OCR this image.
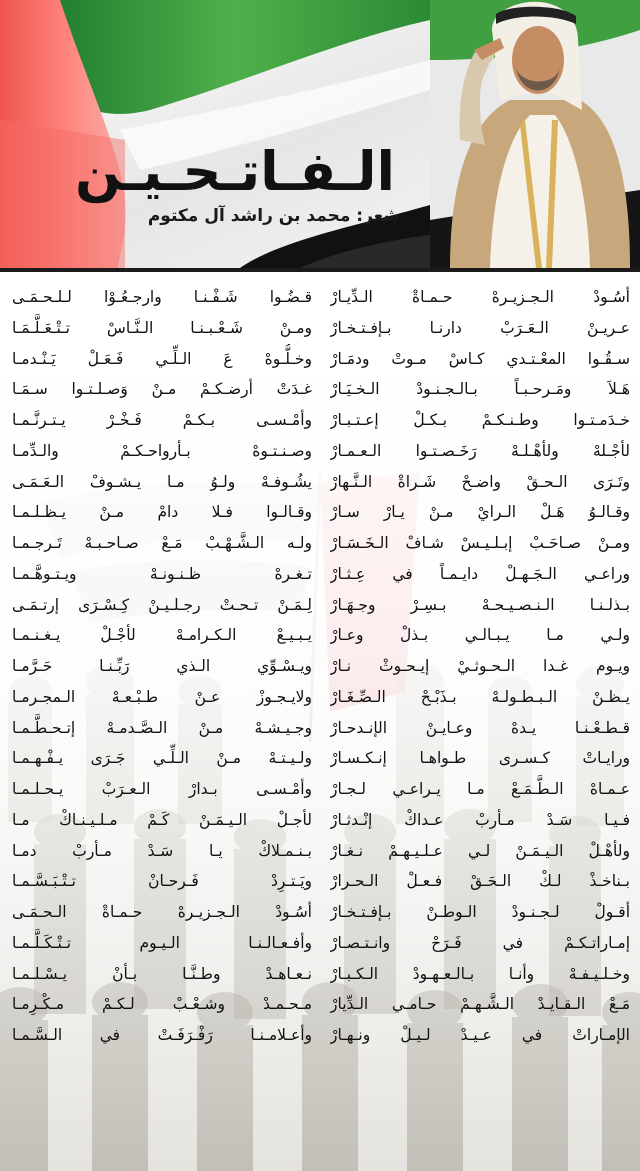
الـفـاتـحـيـن
شعر: محمد بن راشد آل مكتوم
أسُـودْ الـجـزيـرهْ حـمـاةْ الـدِّيـارْ
عـريـنْ الـعَـرَبْ دارنـا بـإفـتـخـارْ
سـقُـوا المعْـتـدي كـاسْ مـوتْ ودمَـارْ
هَـلاَ ومَـرحـبـاً بـالـجـنـودْ الـخـيَـارْ
خـدَمـتـوا وطـنـكـمْ بـكـلْ إعـتـبـارْ
لأجْـلهْ ولأهْـلـهْ رَخَـصـتـوا الـعـمـارْ
وتَـرَى الـحـقْ واضـحْ شَـراةْ الـنَّـهارْ
وقـالـوُ هَـلْ الـرايْ مـنْ يـارْ سـارْ
ومـنْ صـاحَـبْ إبـلـيـسْ شـافْ الـخَـسَـارْ
وراعـي الـجَـهـلْ دايـمـاً في عِـثـارْ
بـذلـنـا الـنـصـيـحـهْ بـسِـرْ وجـهَـارْ
ولـي مـا يـبـالـي بـذلْ وعـارْ
ويـوم غـدا الـحـوثـيْ إيـحـوثْ نـارْ
يـظـنْ الـبـطـولـهْ بـذَبْـحْ الـصِّـغَـارْ
قـطـعْـنـا يـدهْ وعـايـنْ الإنـدحـارْ
ورايـاتْ كـسـرى طـواهـا إنـكـسـارْ
عـمـاهْ الـطَّـمَـعْ مـا يـراعـي لـجـارْ
فـيـا سَـدْ مـأربْ عـداكْ إنْـدثـارْ
ولأهْـلْ الـيـمَـنْ لـي عـلـيـهـمْ نـغـارْ
بـناخـذْ لـكْ الـحَـقْ فـعـلْ الـحـرارْ
أقـولْ لـجـنـودْ الـوطـنْ بـإفـتـخـارْ
إمـاراتـكـمْ في فَـرَحْ وانـتـصـارْ
وخـلـيـفـهْ وأنـا بـالـعـهـودْ الـكـبـارْ
مَـعْ الـقـايـدْ الـشَّـهـمْ حـامـي الـدِّيارْ
الإمـاراتْ في عـيـدْ لـيـلْ ونـهـارْ
قـضُـوا شَـفْـنـا وارجـعُـوْا لـلـحـمَـى
ومـنْ شَـعْـبـنـا الـنَّـاسْ تـتْـعَـلَّـمَـا
وخـلُّـوهْ عَ الـلِّـي فَـعَـلْ يَـنْـدمـا
غـدَتْ أرضـكـمْ مـنْ وَصـلـتـوا سـمَـا
وأمْـسـى بـكـمْ فَـخْـرْ يـتـرنَّـمـا
وصـنـتـوهْ بـأرواحـكـمْ والـدِّمـا
يشُـوفـهْ ولـوُ مـا يـشـوفْ الـعَـمَـى
وقـالـوا فـلا دامْ مـنْ يـظـلـمـا
ولـه الـشَّـهْـبْ مَـعْ صـاحـبـهْ تَـرجـمـا
تـغـرهْ ظـنـونـهْ ويـتـوهَّـمـا
لِـمَـنْ تـحـتْ رجـلـيـنْ كِـسْـرَى إرتـمَـى
يـبـيـعْ الـكـرامـهْ لأجْـلْ يـغـنـمـا
ويـسْـوِّي الـذي رَبِّـنـا حَـرَّمـا
ولايـجـوزْ عـنْ طـبْـعـهْ الـمجـرمـا
وجـيـشـهْ مـنْ الـصَّـدمـهْ إتـحـطَّـمـا
ولـيـتـهْ مـنْ الـلِّـي جَـرَى يـفْـهـمـا
وأمْـسـى بـدارْ الـعـرَبْ يـحـلـمـا
لأجـلْ الـيـمَـنْ كَـمْ مـلـيـنـاكْ مـا
بـنـمـلاكْ يـا سَـدْ مـأربْ دمـا
ويَـتـرِدْ فَـرحـانْ تـتْـبَـسَّـمـا
أسُـودْ الـجـزيـرهْ حـمـاةْ الـحـمَـى
وأفـعـالـنـا الـيـوم تـتْـكَـلَّـمـا
نـعـاهـدْ وطـنَّـا بـأنْ يـسْـلـمـا
مـحـمـدْ وشـعْـبْ لـكـمْ مـكْـرِمـا
وأعـلامـنـا رَفْـرَفَـتْ في الـسَّـمـا
